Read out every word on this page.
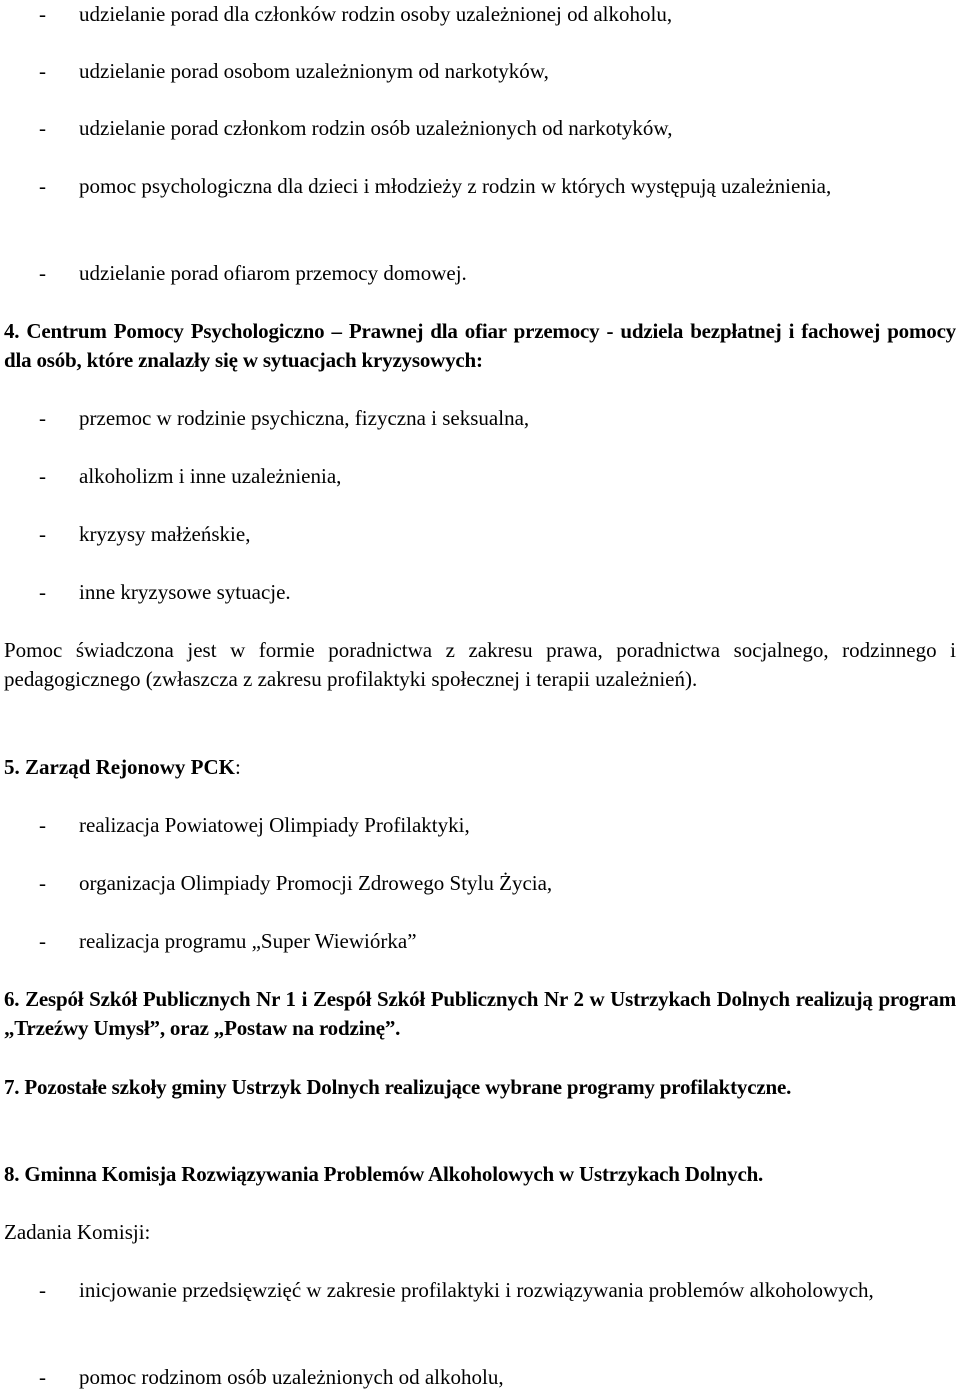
- udzielanie porad dla członków rodzin osoby uzależnionej od alkoholu,
- udzielanie porad osobom uzależnionym od narkotyków,
- udzielanie porad członkom rodzin osób uzależnionych od narkotyków,
- pomoc psychologiczna dla dzieci i młodzieży z rodzin w których występują uzależnienia,
- udzielanie porad ofiarom przemocy domowej.
4. Centrum Pomocy Psychologiczno – Prawnej dla ofiar przemocy - udziela bezpłatnej i fachowej pomocy dla osób, które znalazły się w sytuacjach kryzysowych:
- przemoc w rodzinie psychiczna, fizyczna i seksualna,
- alkoholizm i inne uzależnienia,
- kryzysy małżeńskie,
- inne kryzysowe sytuacje.
Pomoc świadczona jest w formie poradnictwa z zakresu prawa, poradnictwa socjalnego, rodzinnego i pedagogicznego (zwłaszcza z zakresu profilaktyki społecznej i terapii uzależnień).
5. Zarząd Rejonowy PCK:
- realizacja Powiatowej Olimpiady Profilaktyki,
- organizacja Olimpiady Promocji Zdrowego Stylu Życia,
- realizacja programu „Super Wiewiórka”
6. Zespół Szkół Publicznych Nr 1 i Zespół Szkół Publicznych Nr 2 w Ustrzykach Dolnych realizują program „Trzeźwy Umysł”, oraz „Postaw na rodzinę”.
7. Pozostałe szkoły gminy Ustrzyk Dolnych realizujące wybrane programy profilaktyczne.
8. Gminna Komisja Rozwiązywania Problemów Alkoholowych w Ustrzykach Dolnych.
Zadania Komisji:
- inicjowanie przedsięwzięć w zakresie profilaktyki i rozwiązywania problemów alkoholowych,
- pomoc rodzinom osób uzależnionych od alkoholu,
